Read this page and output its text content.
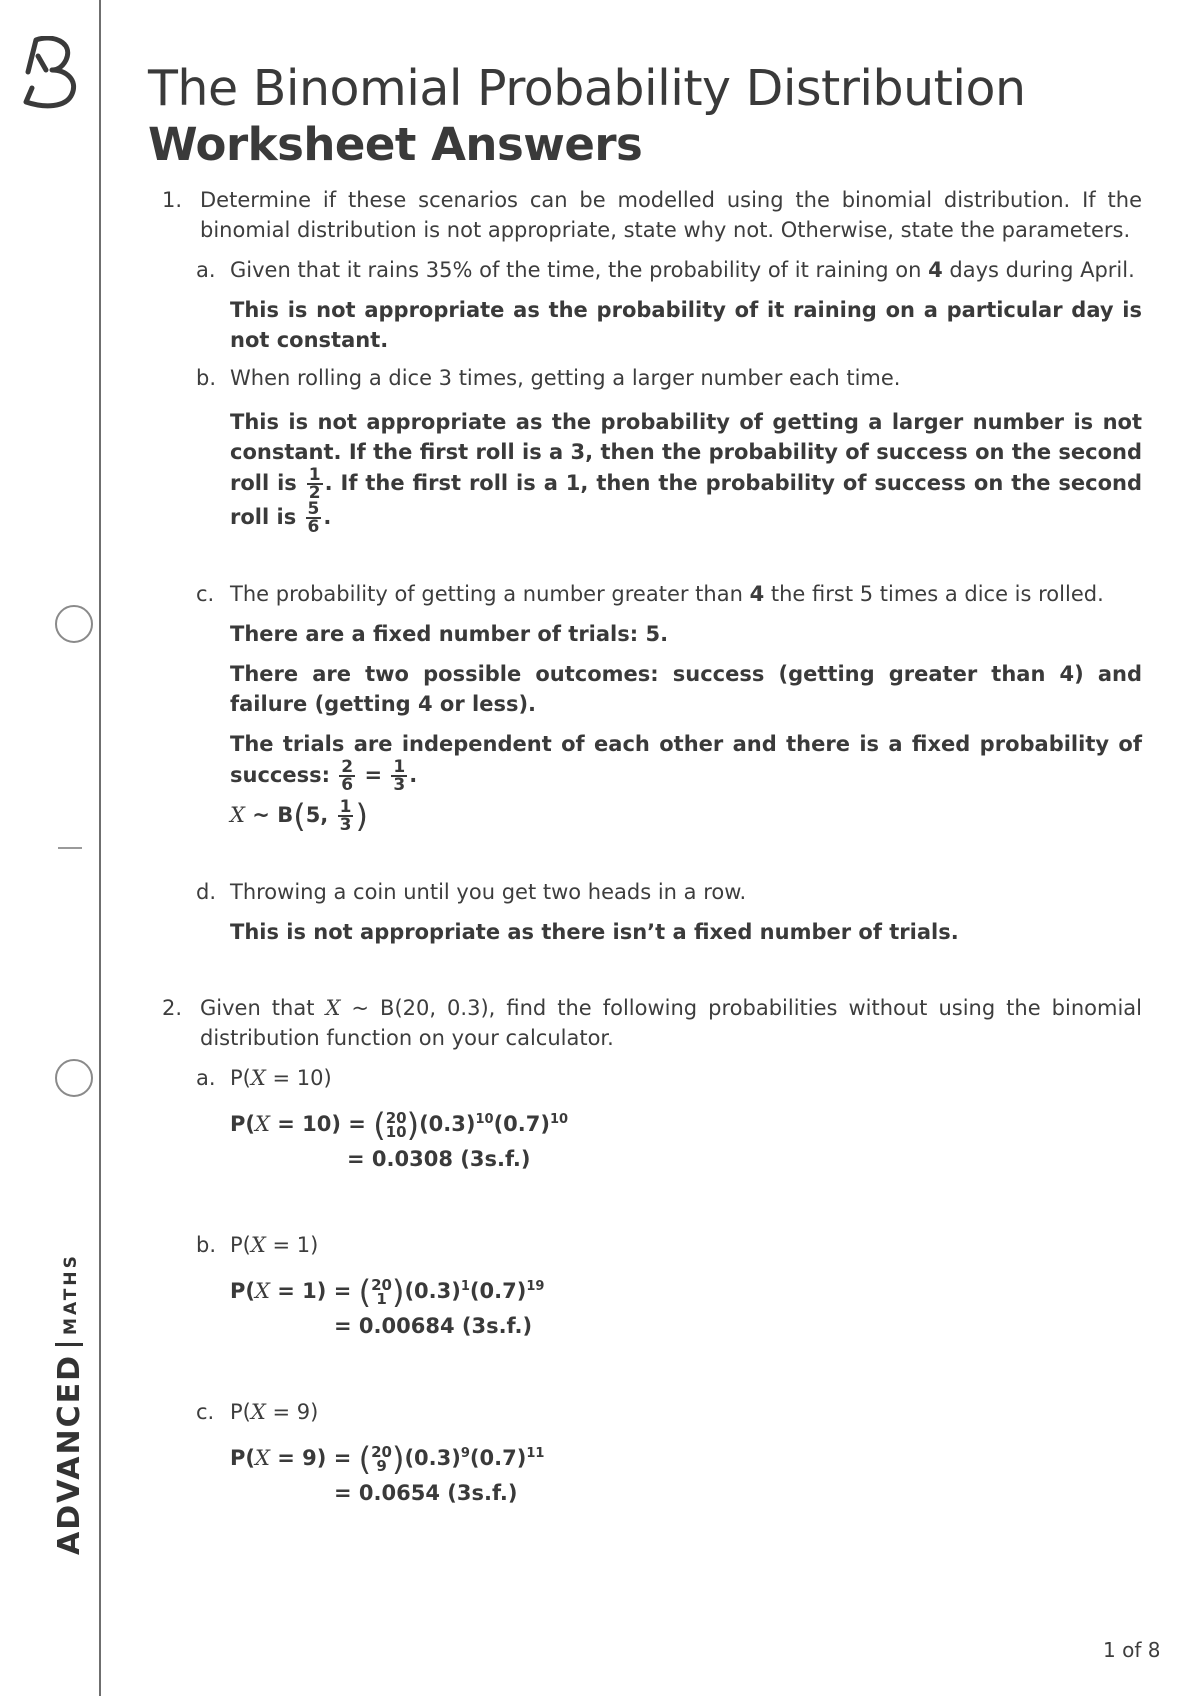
ADVANCEDMATHS
The Binomial Probability Distribution
Worksheet Answers
1. Determine if these scenarios can be modelled using the binomial distribution. If the binomial distribution is not appropriate, state why not. Otherwise, state the parameters.
a. Given that it rains 35% of the time, the probability of it raining on 4 days during April.
This is not appropriate as the probability of it raining on a particular day is not constant.
b. When rolling a dice 3 times, getting a larger number each time.
This is not appropriate as the probability of getting a larger number is not constant. If the first roll is a 3, then the probability of success on the second roll is $\frac{1}{2}$ . If the first roll is a 1, then the probability of success on the second roll is $\frac{5}{6}$ .
c. The probability of getting a number greater than 4 the first 5 times a dice is rolled.
There are a fixed number of trials: 5.
There are two possible outcomes: success (getting greater than 4) and failure (getting 4 or less).
The trials are independent of each other and there is a fixed probability of success: $\frac{2}{6} = \frac{1}{3}$ .
X ~ B(5, $\frac{1}{3}$ )
d. Throwing a coin until you get two heads in a row.
This is not appropriate as there isn’t a fixed number of trials.
2. Given that X ~ B(20, 0.3), find the following probabilities without using the binomial distribution function on your calculator.
a. P(X = 10)
P(X = 10) = ( 20
10 )$(0.3)^{10}(0.7)^{10}$
= 0.0308 (3s.f.)
b. P(X = 1)
P(X = 1) = ( 20
1 )$(0.3)^1(0.7)^{19}$
= 0.00684 (3s.f.)
c. P(X = 9)
P(X = 9) = ( 20
9 )$(0.3)^9(0.7)^{11}$
= 0.0654 (3s.f.)
1 of 8
